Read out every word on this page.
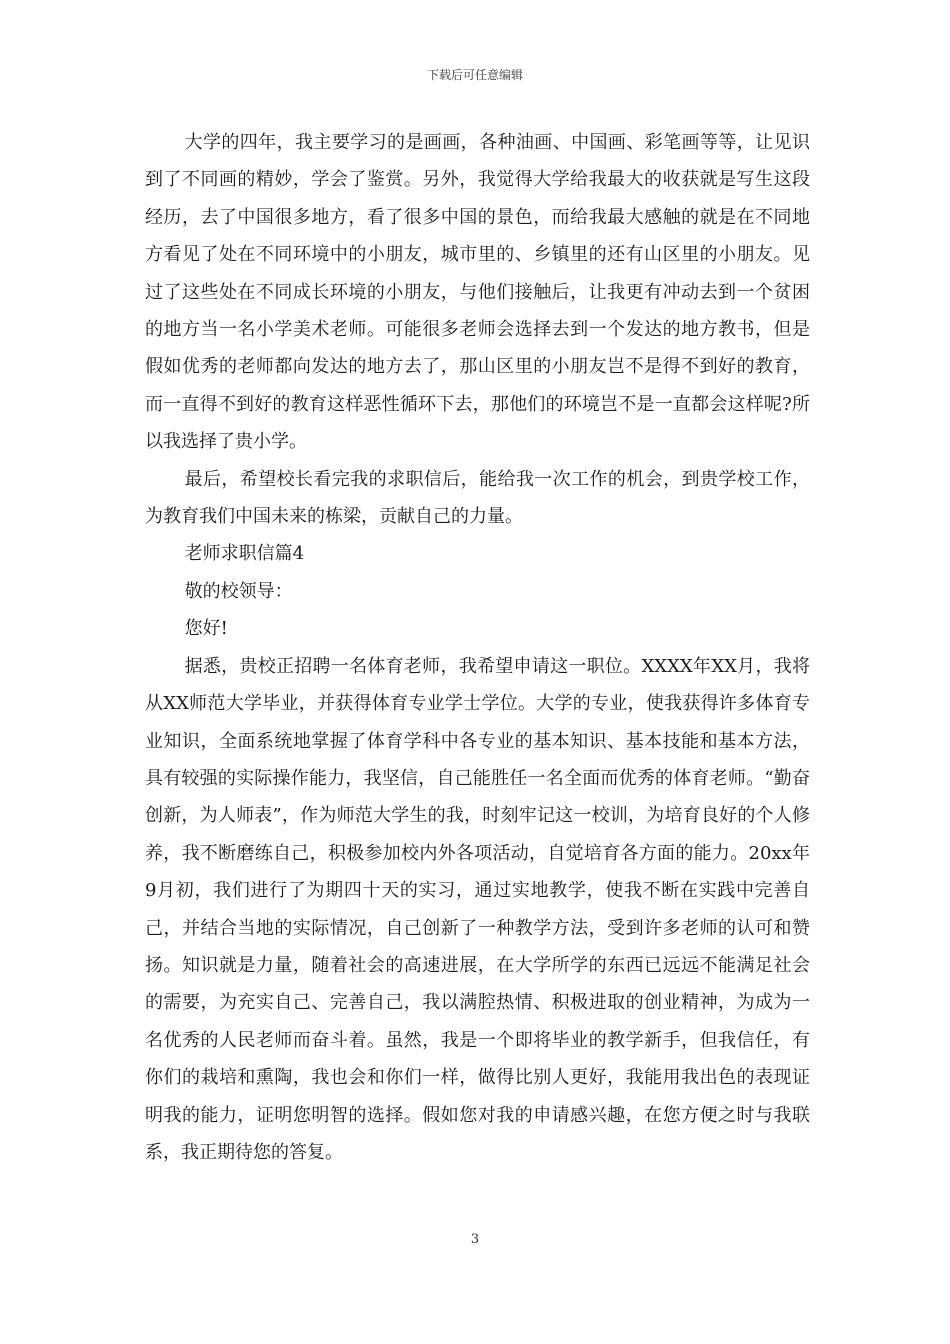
下载后可任意编辑

大学的四年，我主要学习的是画画，各种油画、中国画、彩笔画等等，让见识到了不同画的精妙，学会了鉴赏。另外，我觉得大学给我最大的收获就是写生这段经历，去了中国很多地方，看了很多中国的景色，而给我最大感触的就是在不同地方看见了处在不同环境中的小朋友，城市里的、乡镇里的还有山区里的小朋友。见过了这些处在不同成长环境的小朋友，与他们接触后，让我更有冲动去到一个贫困的地方当一名小学美术老师。可能很多老师会选择去到一个发达的地方教书，但是假如优秀的老师都向发达的地方去了，那山区里的小朋友岂不是得不到好的教育，而一直得不到好的教育这样恶性循环下去，那他们的环境岂不是一直都会这样呢?所以我选择了贵小学。

最后，希望校长看完我的求职信后，能给我一次工作的机会，到贵学校工作，为教育我们中国未来的栋梁，贡献自己的力量。

老师求职信篇4

敬的校领导：

您好!

据悉，贵校正招聘一名体育老师，我希望申请这一职位。XXXX年XX月，我将从XX师范大学毕业，并获得体育专业学士学位。大学的专业，使我获得许多体育专业知识，全面系统地掌握了体育学科中各专业的基本知识、基本技能和基本方法，具有较强的实际操作能力，我坚信，自己能胜任一名全面而优秀的体育老师。“勤奋创新，为人师表”，作为师范大学生的我，时刻牢记这一校训，为培育良好的个人修养，我不断磨练自己，积极参加校内外各项活动，自觉培育各方面的能力。20xx年9月初，我们进行了为期四十天的实习，通过实地教学，使我不断在实践中完善自己，并结合当地的实际情况，自己创新了一种教学方法，受到许多老师的认可和赞扬。知识就是力量，随着社会的高速进展，在大学所学的东西已远远不能满足社会的需要，为充实自己、完善自己，我以满腔热情、积极进取的创业精神，为成为一名优秀的人民老师而奋斗着。虽然，我是一个即将毕业的教学新手，但我信任，有你们的栽培和熏陶，我也会和你们一样，做得比别人更好，我能用我出色的表现证明我的能力，证明您明智的选择。假如您对我的申请感兴趣，在您方便之时与我联系，我正期待您的答复。

3
